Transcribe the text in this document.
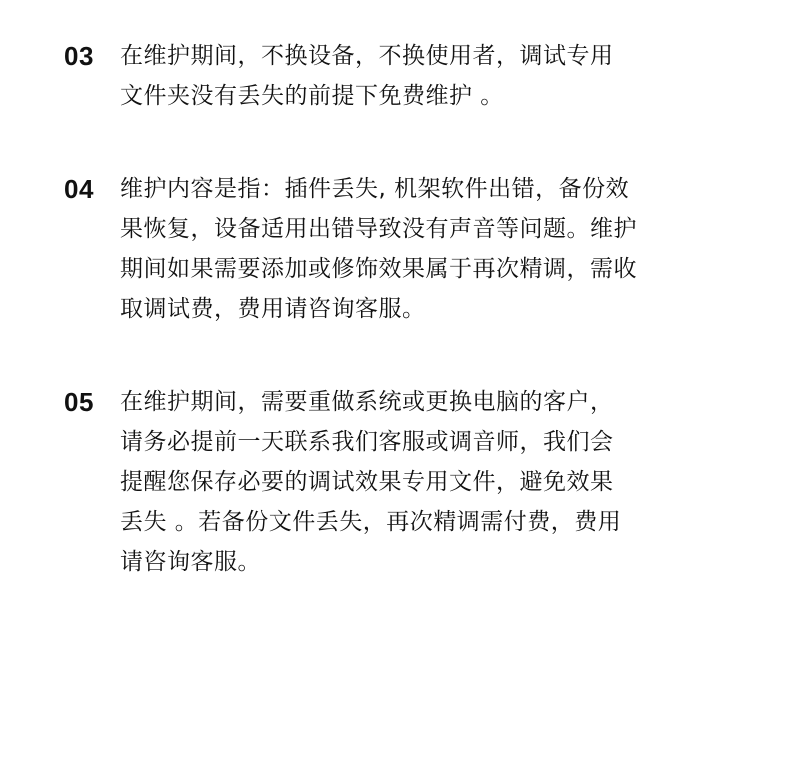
03	在维护期间，不换设备，不换使用者，调试专用
文件夹没有丢失的前提下免费维护 。
04	维护内容是指：插件丢失, 机架软件出错，备份效
果恢复，设备适用出错导致没有声音等问题。维护
期间如果需要添加或修饰效果属于再次精调，需收
取调试费，费用请咨询客服。
05	在维护期间，需要重做系统或更换电脑的客户，
请务必提前一天联系我们客服或调音师，我们会
提醒您保存必要的调试效果专用文件，避免效果
丢失 。若备份文件丢失，再次精调需付费，费用
请咨询客服。
